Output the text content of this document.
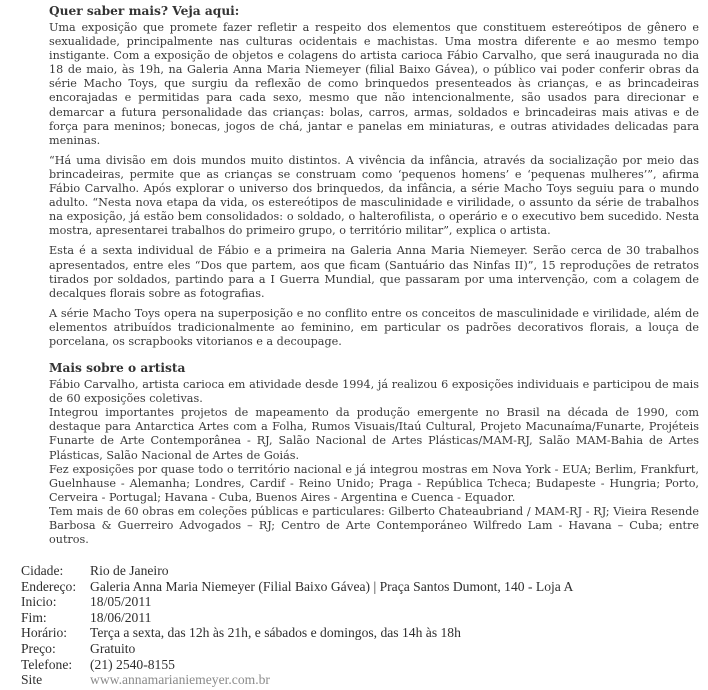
Quer saber mais? Veja aqui:

Uma exposição que promete fazer refletir a respeito dos elementos que constituem estereótipos de gênero e sexualidade, principalmente nas culturas ocidentais e machistas. Uma mostra diferente e ao mesmo tempo instigante. Com a exposição de objetos e colagens do artista carioca Fábio Carvalho, que será inaugurada no dia 18 de maio, às 19h, na Galeria Anna Maria Niemeyer (filial Baixo Gávea), o público vai poder conferir obras da série Macho Toys, que surgiu da reflexão de como brinquedos presenteados às crianças, e as brincadeiras encorajadas e permitidas para cada sexo, mesmo que não intencionalmente, são usados para direcionar e demarcar a futura personalidade das crianças: bolas, carros, armas, soldados e brincadeiras mais ativas e de força para meninos; bonecas, jogos de chá, jantar e panelas em miniaturas, e outras atividades delicadas para meninas.

“Há uma divisão em dois mundos muito distintos. A vivência da infância, através da socialização por meio das brincadeiras, permite que as crianças se construam como ‘pequenos homens’ e ‘pequenas mulheres’”, afirma Fábio Carvalho. Após explorar o universo dos brinquedos, da infância, a série Macho Toys seguiu para o mundo adulto. “Nesta nova etapa da vida, os estereótipos de masculinidade e virilidade, o assunto da série de trabalhos na exposição, já estão bem consolidados: o soldado, o halterofilista, o operário e o executivo bem sucedido. Nesta mostra, apresentarei trabalhos do primeiro grupo, o território militar”, explica o artista.

Esta é a sexta individual de Fábio e a primeira na Galeria Anna Maria Niemeyer. Serão cerca de 30 trabalhos apresentados, entre eles “Dos que partem, aos que ficam (Santuário das Ninfas II)”, 15 reproduções de retratos tirados por soldados, partindo para a I Guerra Mundial, que passaram por uma intervenção, com a colagem de decalques florais sobre as fotografias.

A série Macho Toys opera na superposição e no conflito entre os conceitos de masculinidade e virilidade, além de elementos atribuídos tradicionalmente ao feminino, em particular os padrões decorativos florais, a louça de porcelana, os scrapbooks vitorianos e a decoupage.

Mais sobre o artista

Fábio Carvalho, artista carioca em atividade desde 1994, já realizou 6 exposições individuais e participou de mais de 60 exposições coletivas.

Integrou importantes projetos de mapeamento da produção emergente no Brasil na década de 1990, com destaque para Antarctica Artes com a Folha, Rumos Visuais/Itaú Cultural, Projeto Macunaíma/Funarte, Projéteis Funarte de Arte Contemporânea - RJ, Salão Nacional de Artes Plásticas/MAM-RJ, Salão MAM-Bahia de Artes Plásticas, Salão Nacional de Artes de Goiás.

Fez exposições por quase todo o território nacional e já integrou mostras em Nova York - EUA; Berlim, Frankfurt, Guelnhause - Alemanha; Londres, Cardif - Reino Unido; Praga - República Tcheca; Budapeste - Hungria; Porto, Cerveira - Portugal; Havana - Cuba, Buenos Aires - Argentina e Cuenca - Equador.

Tem mais de 60 obras em coleções públicas e particulares: Gilberto Chateaubriand / MAM-RJ - RJ; Vieira Resende Barbosa & Guerreiro Advogados – RJ; Centro de Arte Contemporáneo Wilfredo Lam - Havana – Cuba; entre outros.

Cidade:	Rio de Janeiro
Endereço:	Galeria Anna Maria Niemeyer (Filial Baixo Gávea) | Praça Santos Dumont, 140 - Loja A
Inicio:	18/05/2011
Fim:	18/06/2011
Horário:	Terça a sexta, das 12h às 21h, e sábados e domingos, das 14h às 18h
Preço:	Gratuito
Telefone:	(21) 2540-8155
Site	www.annamarianiemeyer.com.br
